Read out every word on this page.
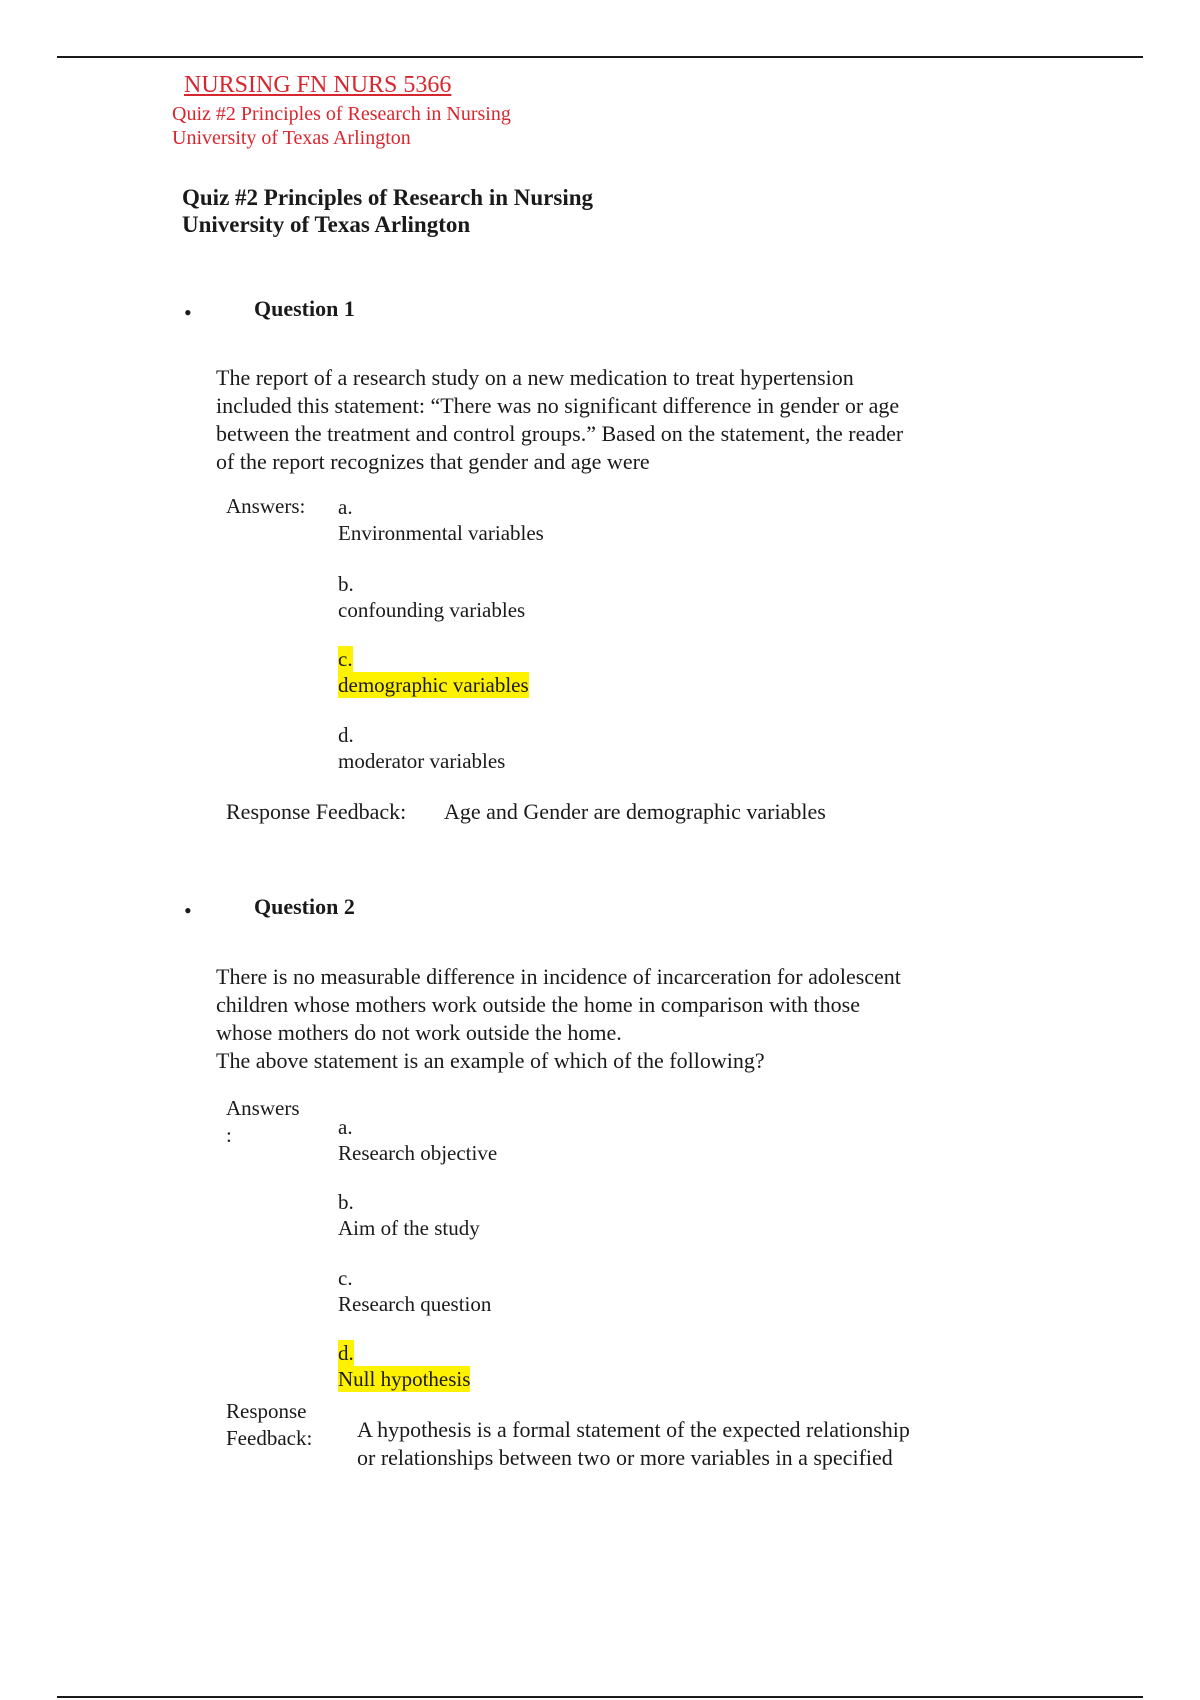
NURSING FN NURS 5366
Quiz #2 Principles of Research in Nursing
University of Texas Arlington
Quiz #2 Principles of Research in Nursing
University of Texas Arlington
•	Question 1

The report of a research study on a new medication to treat hypertension

included this statement: “There was no significant difference in gender or age

between the treatment and control groups.” Based on the statement, the reader

of the report recognizes that gender and age were

Answers: a.
Environmental variables
b.
confounding variables
c.
demographic variables
d.
moderator variables
Response Feedback: Age and Gender are demographic variables
•	Question 2

There is no measurable difference in incidence of incarceration for adolescent

children whose mothers work outside the home in comparison with those

whose mothers do not work outside the home.

The above statement is an example of which of the following?

Answers
:	a.
Research objective
b.
Aim of the study
c.
Research question
d.
Null hypothesis
Response
Feedback: A hypothesis is a formal statement of the expected relationship
or relationships between two or more variables in a specified
